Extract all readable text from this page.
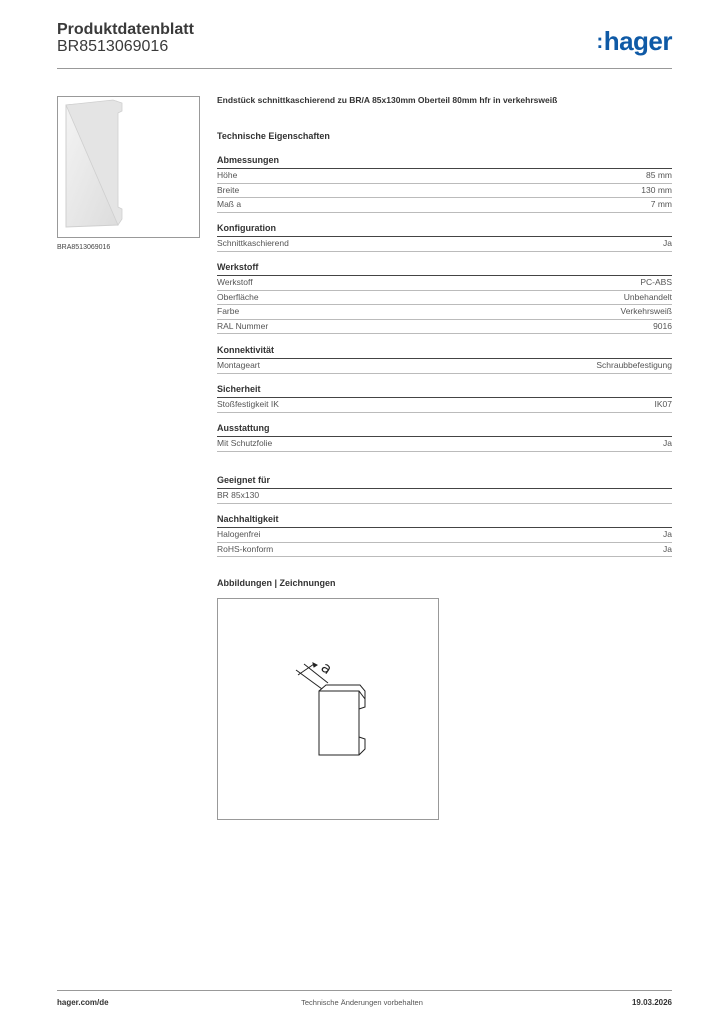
Produktdatenblatt
BR8513069016	:hager
BRA8513069016
Endstück schnittkaschierend zu BR/A 85x130mm Oberteil 80mm hfr in verkehrsweiß
Technische Eigenschaften
Abmessungen
Höhe	85 mm
Breite	130 mm
Maß a	7 mm
Konfiguration
Schnittkaschierend	Ja
Werkstoff
Werkstoff	PC-ABS
Oberfläche	Unbehandelt
Farbe	Verkehrsweiß
RAL Nummer	9016
Konnektivität
Montageart	Schraubbefestigung
Sicherheit
Stoßfestigkeit IK	IK07
Ausstattung
Mit Schutzfolie	Ja
Geeignet für
BR 85x130
Nachhaltigkeit
Halogenfrei	Ja
RoHS-konform	Ja
Abbildungen | Zeichnungen
a
hager.com/de	Technische Änderungen vorbehalten	19.03.2026
